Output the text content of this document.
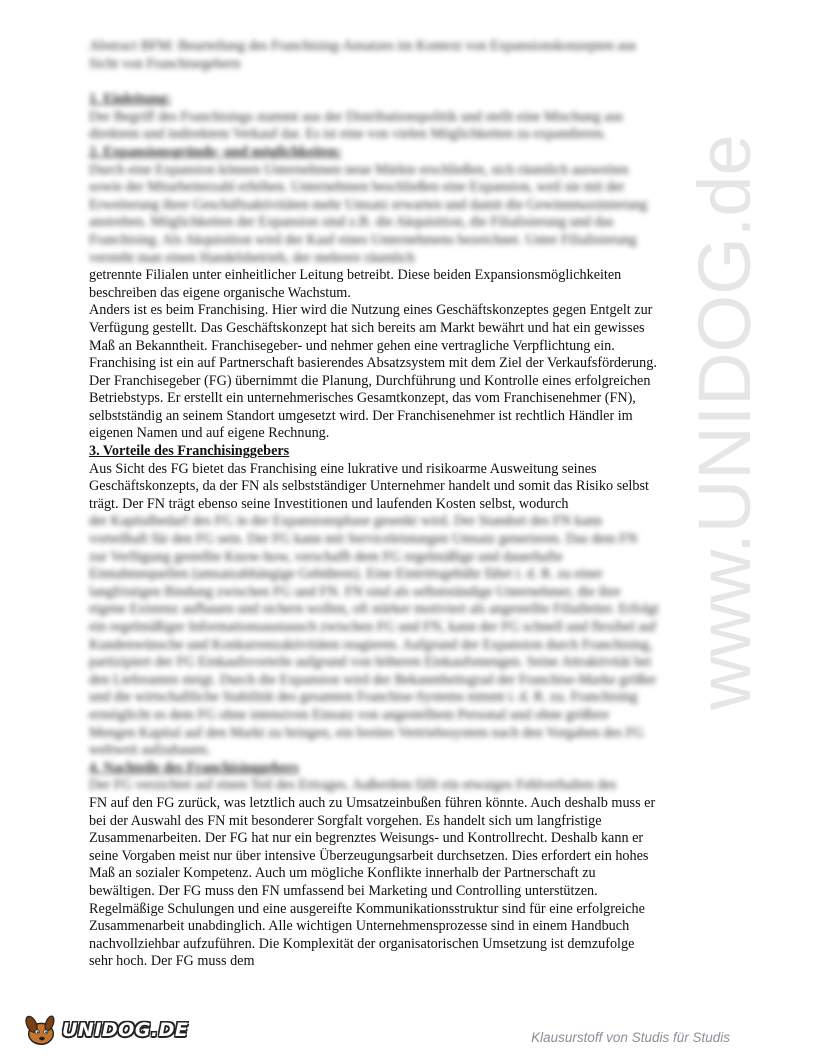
Abstract BFM: Beurteilung des Franchising-Ansatzes im Kontext von Expansionskonzepten aus Sicht von Franchisegebern

1. Einleitung:

Der Begriff des Franchisings stammt aus der Distributionspolitik und stellt eine Mischung aus direktem und indirektem Verkauf dar. Es ist eine von vielen Möglichkeiten zu expandieren.

2. Expansionsgründe- und möglichkeiten:

Durch eine Expansion können Unternehmen neue Märkte erschließen, sich räumlich ausweiten sowie der Mitarbeiterzahl erhöhen. Unternehmen beschließen eine Expansion, weil sie mit der Erweiterung ihrer Geschäftsaktivitäten mehr Umsatz erwarten und damit die Gewinnmaximierung anstreben. Möglichkeiten der Expansion sind z.B. die Akquisition, die Filialisierung und das Franchising. Als Akquisition wird der Kauf eines Unternehmens bezeichnet. Unter Filialisierung versteht man einen Handelsbetrieb, der mehrere räumlich

getrennte Filialen unter einheitlicher Leitung betreibt. Diese beiden Expansionsmöglichkeiten beschreiben das eigene organische Wachstum.

Anders ist es beim Franchising. Hier wird die Nutzung eines Geschäftskonzeptes gegen Entgelt zur Verfügung gestellt. Das Geschäftskonzept hat sich bereits am Markt bewährt und hat ein gewisses Maß an Bekanntheit. Franchisegeber- und nehmer gehen eine vertragliche Verpflichtung ein. Franchising ist ein auf Partnerschaft basierendes Absatzsystem mit dem Ziel der Verkaufsförderung. Der Franchisegeber (FG) übernimmt die Planung, Durchführung und Kontrolle eines erfolgreichen Betriebstyps. Er erstellt ein unternehmerisches Gesamtkonzept, das vom Franchisenehmer (FN), selbstständig an seinem Standort umgesetzt wird. Der Franchisenehmer ist rechtlich Händler im eigenen Namen und auf eigene Rechnung.

3. Vorteile des Franchisinggebers

Aus Sicht des FG bietet das Franchising eine lukrative und risikoarme Ausweitung seines Geschäftskonzepts, da der FN als selbstständiger Unternehmer handelt und somit das Risiko selbst trägt. Der FN trägt ebenso seine Investitionen und laufenden Kosten selbst, wodurch

der Kapitalbedarf des FG in der Expansionsphase gesenkt wird. Der Standort des FN kann vorteilhaft für den FG sein. Der FG kann mit Serviceleistungen Umsatz generieren. Das dem FN zur Verfügung gestellte Know-how, verschafft dem FG regelmäßige und dauerhafte Einnahmequellen (umsatzabhängige Gebühren). Eine Eintrittsgebühr führt i. d. R. zu einer langfristigen Bindung zwischen FG und FN. FN sind als selbstständige Unternehmer, die ihre eigene Existenz aufbauen und sichern wollen, oft stärker motiviert als angestellte Filialleiter. Erfolgt ein regelmäßiger Informationsaustausch zwischen FG und FN, kann der FG schnell und flexibel auf Kundenwünsche und Konkurrenzaktivitäten reagieren. Aufgrund der Expansion durch Franchising, partizipiert der FG Einkaufsvorteile aufgrund von höheren Einkaufsmengen. Seine Attraktivität bei den Lieferanten steigt. Durch die Expansion wird der Bekanntheitsgrad der Franchise-Marke größer und die wirtschaftliche Stabilität des gesamten Franchise-Systems nimmt i. d. R. zu. Franchising ermöglicht es dem FG ohne intensiven Einsatz von angestelltem Personal und ohne größere Mengen Kapital auf den Markt zu bringen, ein breites Vertriebssystem nach den Vorgaben des FG weltweit aufzubauen.

4. Nachteile des Franchisinggebers

Der FG verzichtet auf einen Teil des Ertrages. Außerdem fällt ein etwaiges Fehlverhalten des

FN auf den FG zurück, was letztlich auch zu Umsatzeinbußen führen könnte. Auch deshalb muss er bei der Auswahl des FN mit besonderer Sorgfalt vorgehen. Es handelt sich um langfristige Zusammenarbeiten. Der FG hat nur ein begrenztes Weisungs- und Kontrollrecht. Deshalb kann er seine Vorgaben meist nur über intensive Überzeugungsarbeit durchsetzen. Dies erfordert ein hohes Maß an sozialer Kompetenz. Auch um mögliche Konflikte innerhalb der Partnerschaft zu bewältigen. Der FG muss den FN umfassend bei Marketing und Controlling unterstützen. Regelmäßige Schulungen und eine ausgereifte Kommunikationsstruktur sind für eine erfolgreiche Zusammenarbeit unabdinglich. Alle wichtigen Unternehmensprozesse sind in einem Handbuch nachvollziehbar aufzuführen. Die Komplexität der organisatorischen Umsetzung ist demzufolge sehr hoch. Der FG muss dem

www.UNIDOG.de
UNIDOG.DE	Klausurstoff von Studis für Studis
